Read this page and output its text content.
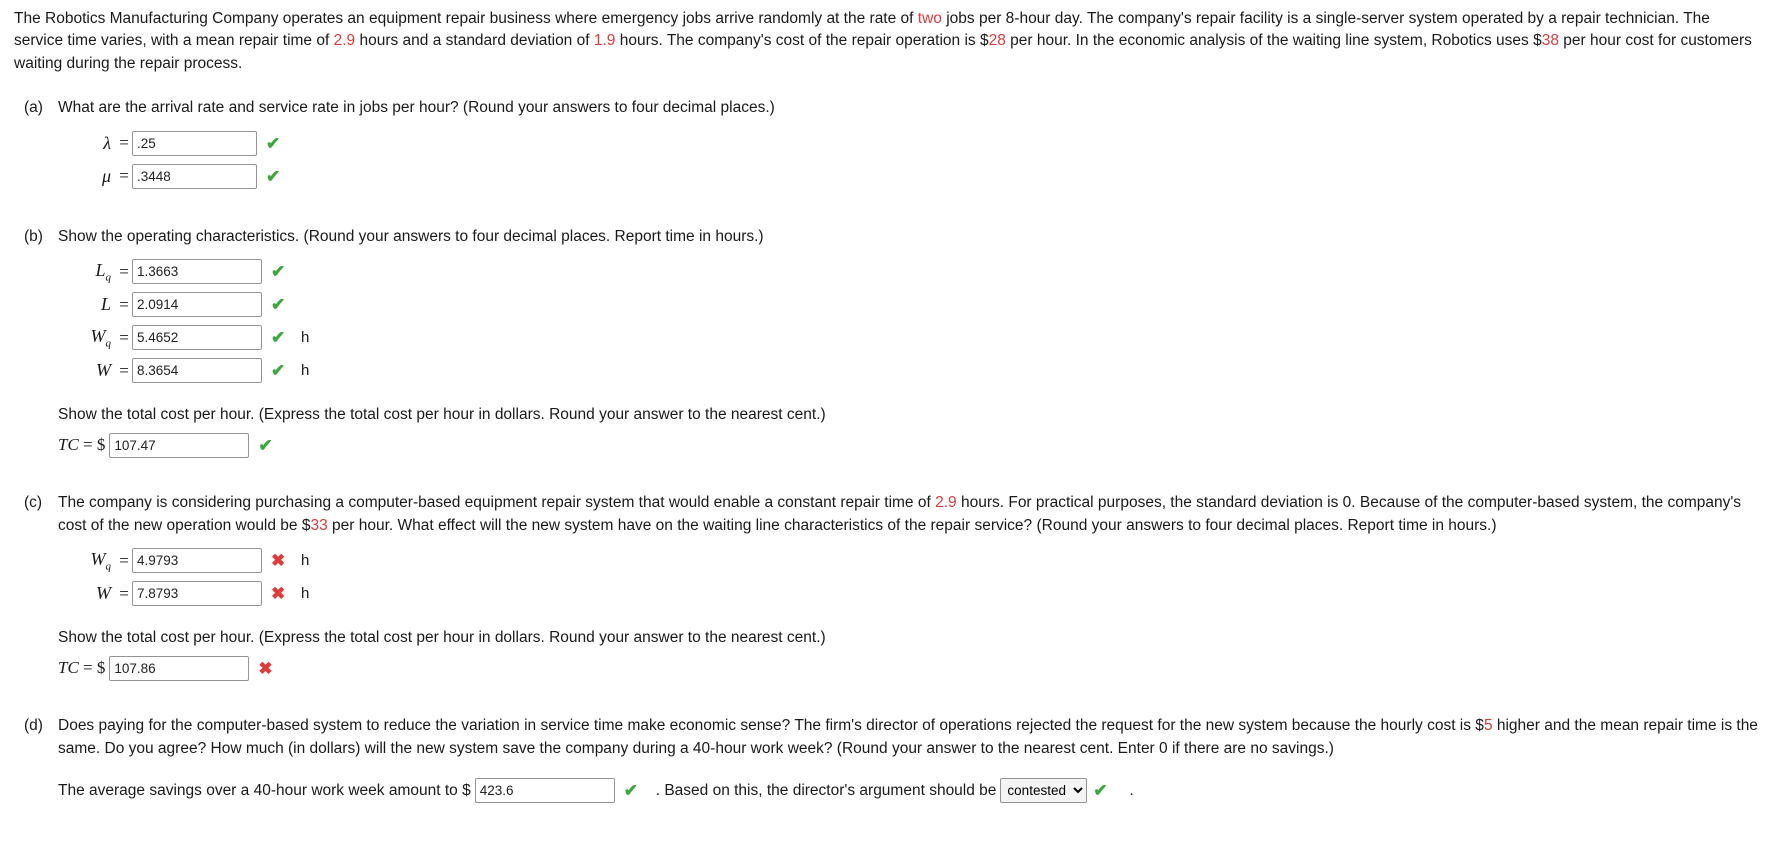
The Robotics Manufacturing Company operates an equipment repair business where emergency jobs arrive randomly at the rate of two jobs per 8-hour day. The company's repair facility is a single-server system operated by a repair technician. The service time varies, with a mean repair time of 2.9 hours and a standard deviation of 1.9 hours. The company's cost of the repair operation is $28 per hour. In the economic analysis of the waiting line system, Robotics uses $38 per hour cost for customers waiting during the repair process.

(a) What are the arrival rate and service rate in jobs per hour? (Round your answers to four decimal places.)
λ =
.25	✔
μ =
.3448	✔
(b) Show the operating characteristics. (Round your answers to four decimal places. Report time in hours.)
$L_q$ =
1.3663	✔
L =
2.0914	✔
$W_q$ =
5.4652	✔	h
W =
8.3654	✔	h
Show the total cost per hour. (Express the total cost per hour in dollars. Round your answer to the nearest cent.)
TC = $
107.47	✔
(c)	The company is considering purchasing a computer-based equipment repair system that would enable a constant repair time of 2.9 hours. For practical purposes, the standard deviation is 0. Because of the computer-based system, the company's cost of the new operation would be $33 per hour. What effect will the new system have on the waiting line characteristics of the repair service? (Round your answers to four decimal places. Report time in hours.)
$W_q$ =
4.9793	✖	h
W =
7.8793	✖	h
Show the total cost per hour. (Express the total cost per hour in dollars. Round your answer to the nearest cent.)
TC = $
107.86	✖
(d) Does paying for the computer-based system to reduce the variation in service time make economic sense? The firm's director of operations rejected the request for the new system because the hourly cost is $5 higher and the mean repair time is the same. Do you agree? How much (in dollars) will the new system save the company during a 40-hour work week? (Round your answer to the nearest cent. Enter 0 if there are no savings.)
The average savings over a 40-hour work week amount to $
423.6	✔	. Based on this, the director's argument should be
contested	✔	.
